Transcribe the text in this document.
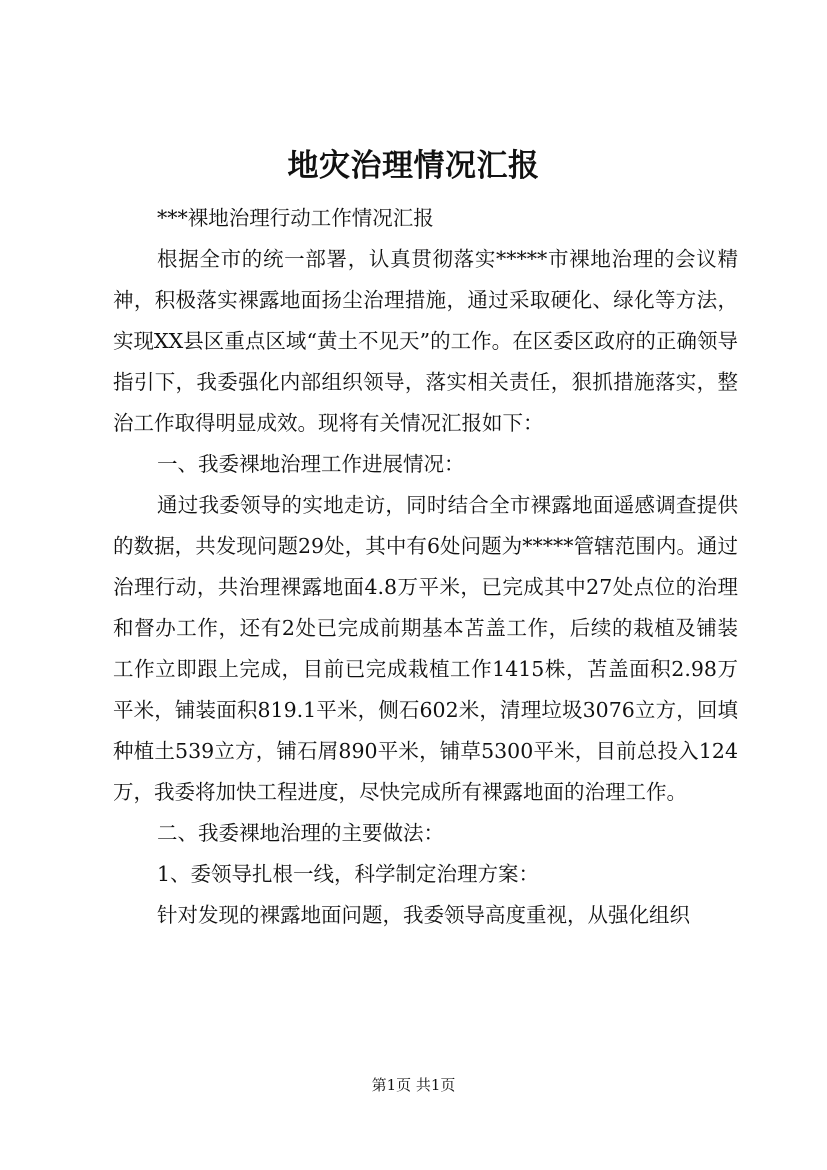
地灾治理情况汇报

***裸地治理行动工作情况汇报

根据全市的统一部署，认真贯彻落实*****市裸地治理的会议精神，积极落实裸露地面扬尘治理措施，通过采取硬化、绿化等方法，实现XX县区重点区域“黄土不见天”的工作。在区委区政府的正确领导指引下，我委强化内部组织领导，落实相关责任，狠抓措施落实，整治工作取得明显成效。现将有关情况汇报如下：

一、我委裸地治理工作进展情况：

通过我委领导的实地走访，同时结合全市裸露地面遥感调查提供的数据，共发现问题29处，其中有6处问题为*****管辖范围内。通过治理行动，共治理裸露地面4.8万平米，已完成其中27处点位的治理和督办工作，还有2处已完成前期基本苫盖工作，后续的栽植及铺装工作立即跟上完成，目前已完成栽植工作1415株，苫盖面积2.98万平米，铺装面积819.1平米，侧石602米，清理垃圾3076立方，回填种植土539立方，铺石屑890平米，铺草5300平米，目前总投入124万，我委将加快工程进度，尽快完成所有裸露地面的治理工作。

二、我委裸地治理的主要做法：

1、委领导扎根一线，科学制定治理方案：

针对发现的裸露地面问题，我委领导高度重视，从强化组织

第1页 共1页
